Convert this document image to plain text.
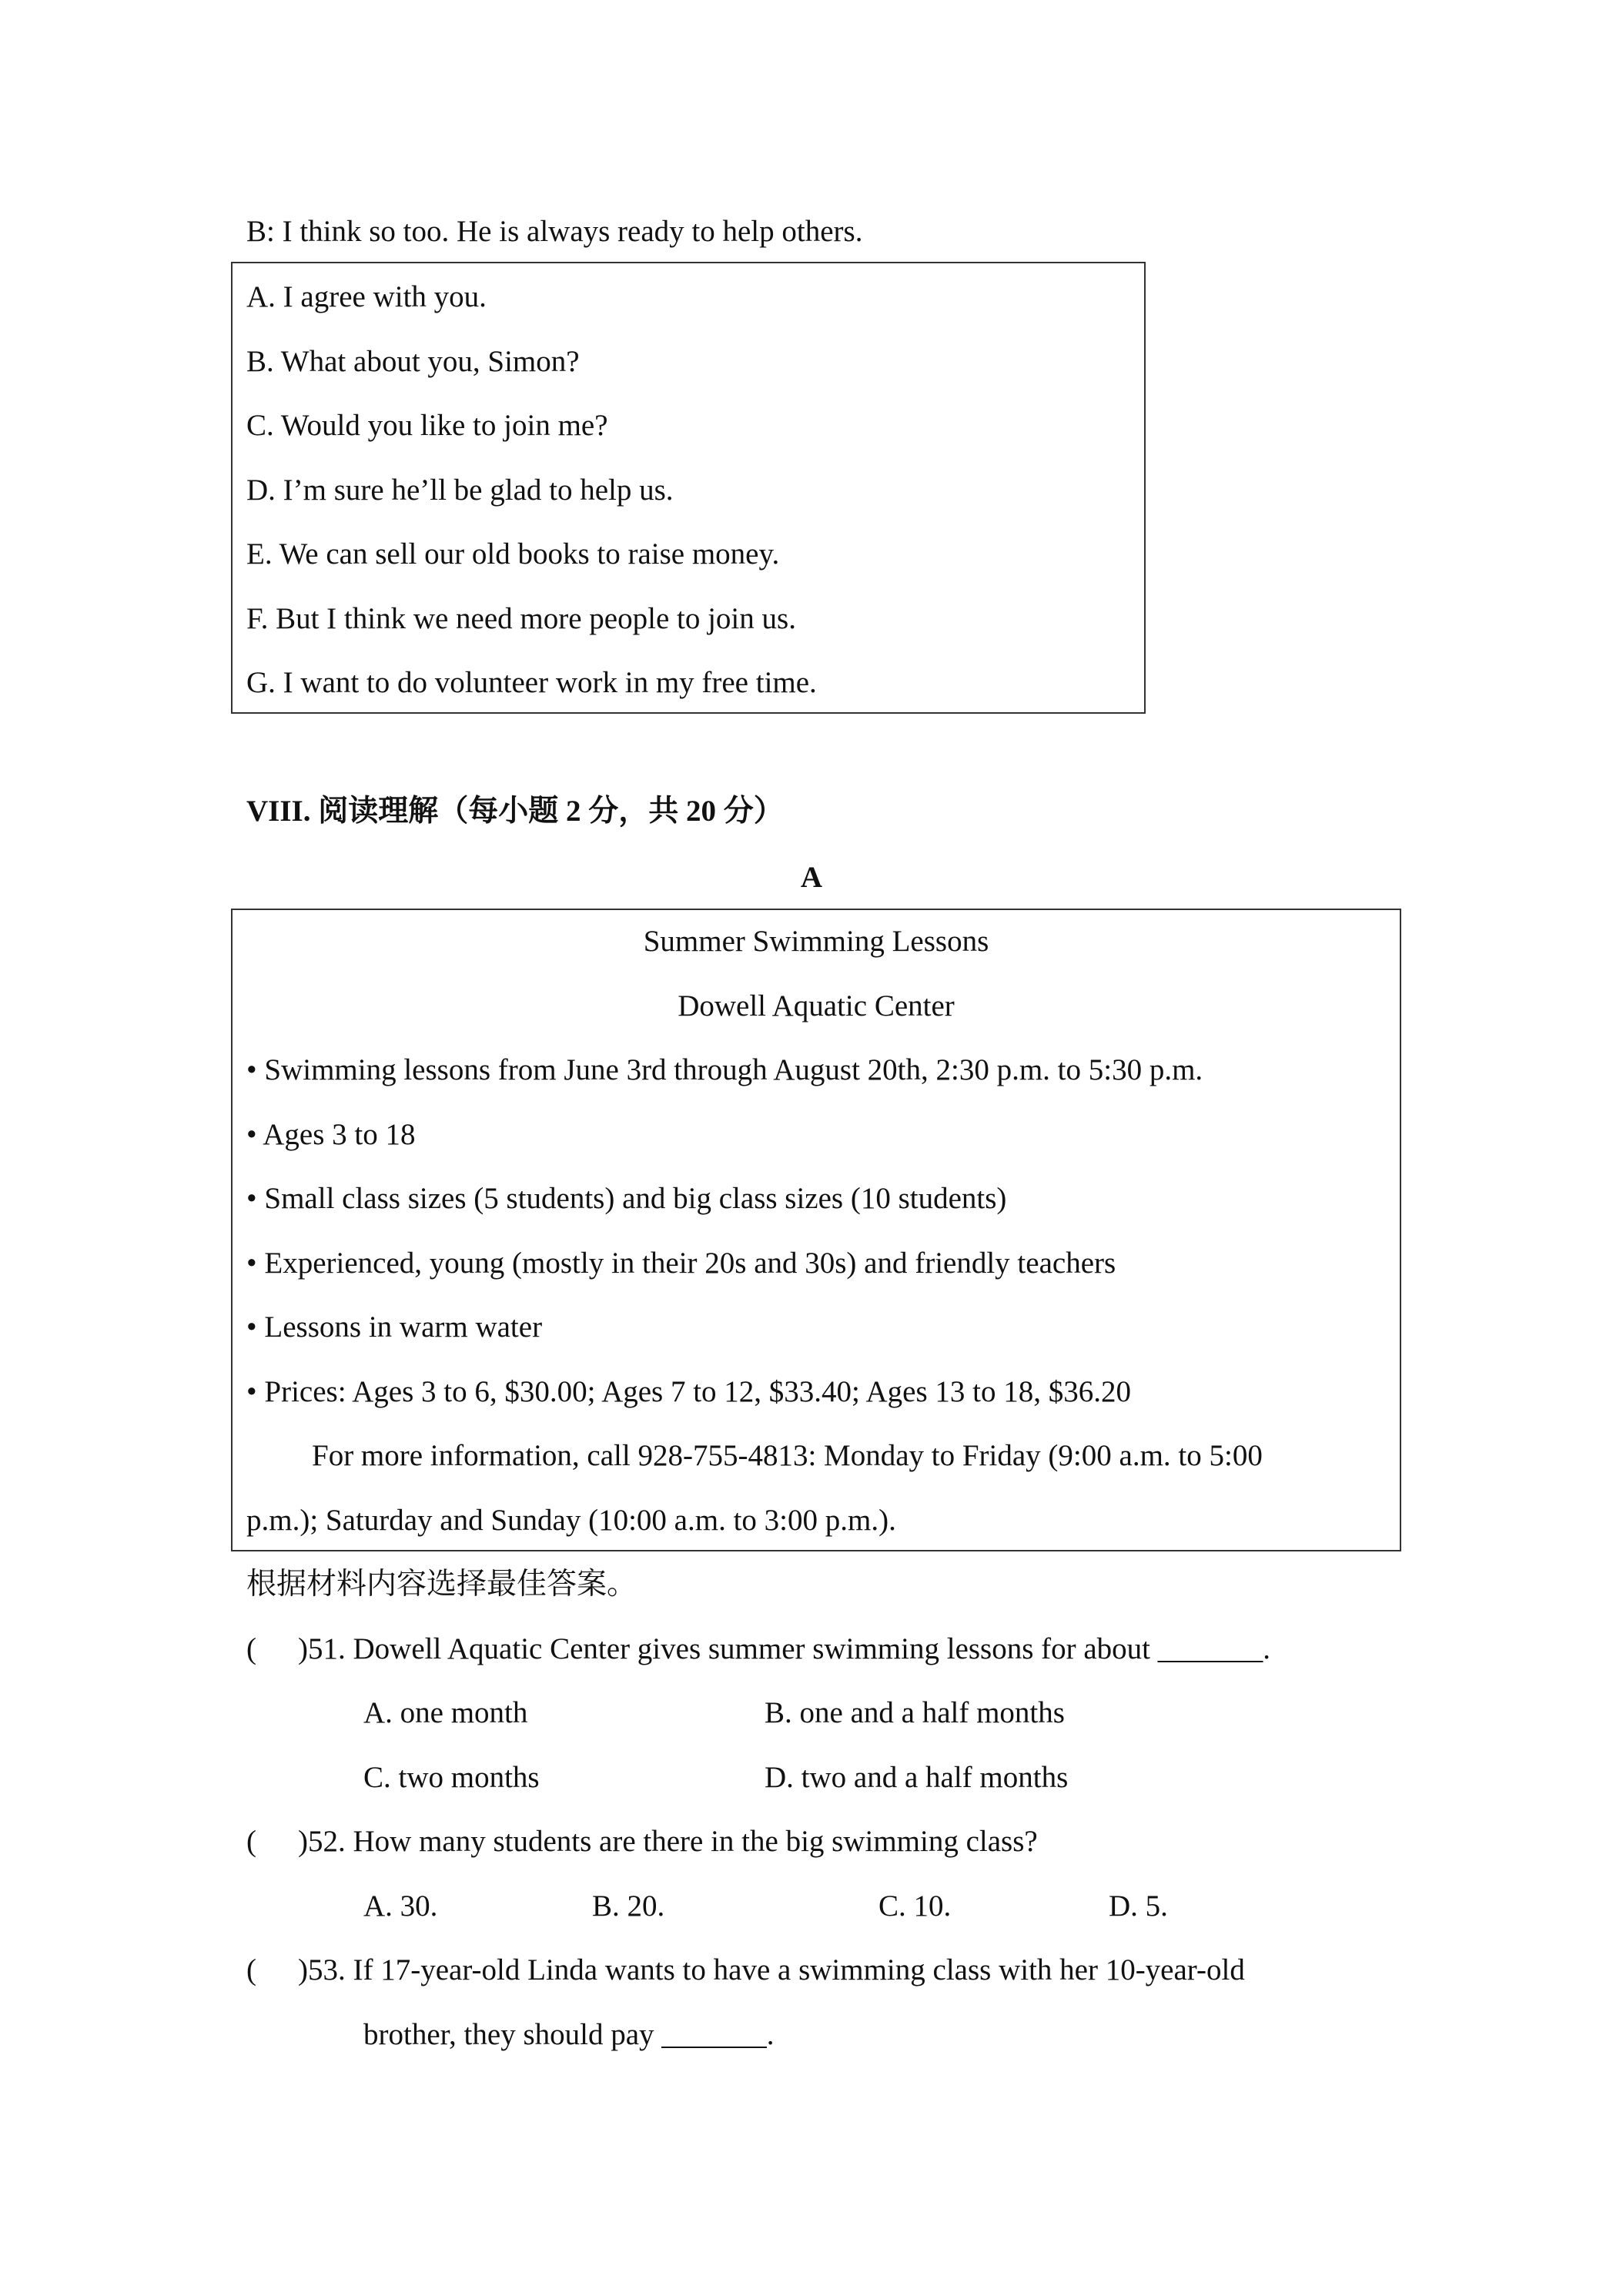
B: I think so too. He is always ready to help others.
A. I agree with you.
B. What about you, Simon?
C. Would you like to join me?
D. I’m sure he’ll be glad to help us.
E. We can sell our old books to raise money.
F. But I think we need more people to join us.
G. I want to do volunteer work in my free time.
VIII. 阅读理解（每小题 2 分，共 20 分）
A
Summer Swimming Lessons
Dowell Aquatic Center
• Swimming lessons from June 3rd through August 20th, 2:30 p.m. to 5:30 p.m.
• Ages 3 to 18
• Small class sizes (5 students) and big class sizes (10 students)
• Experienced, young (mostly in their 20s and 30s) and friendly teachers
• Lessons in warm water
• Prices: Ages 3 to 6, $30.00; Ages 7 to 12, $33.40; Ages 13 to 18, $36.20
For more information, call 928-755-4813: Monday to Friday (9:00 a.m. to 5:00
p.m.); Saturday and Sunday (10:00 a.m. to 3:00 p.m.).
根据材料内容选择最佳答案。
( )51. Dowell Aquatic Center gives summer swimming lessons for about _______.
A. one month	B. one and a half months
C. two months	D. two and a half months
( )52. How many students are there in the big swimming class?
A. 30.	B. 20.	C. 10.	D. 5.
( )53. If 17-year-old Linda wants to have a swimming class with her 10-year-old
brother, they should pay _______.
